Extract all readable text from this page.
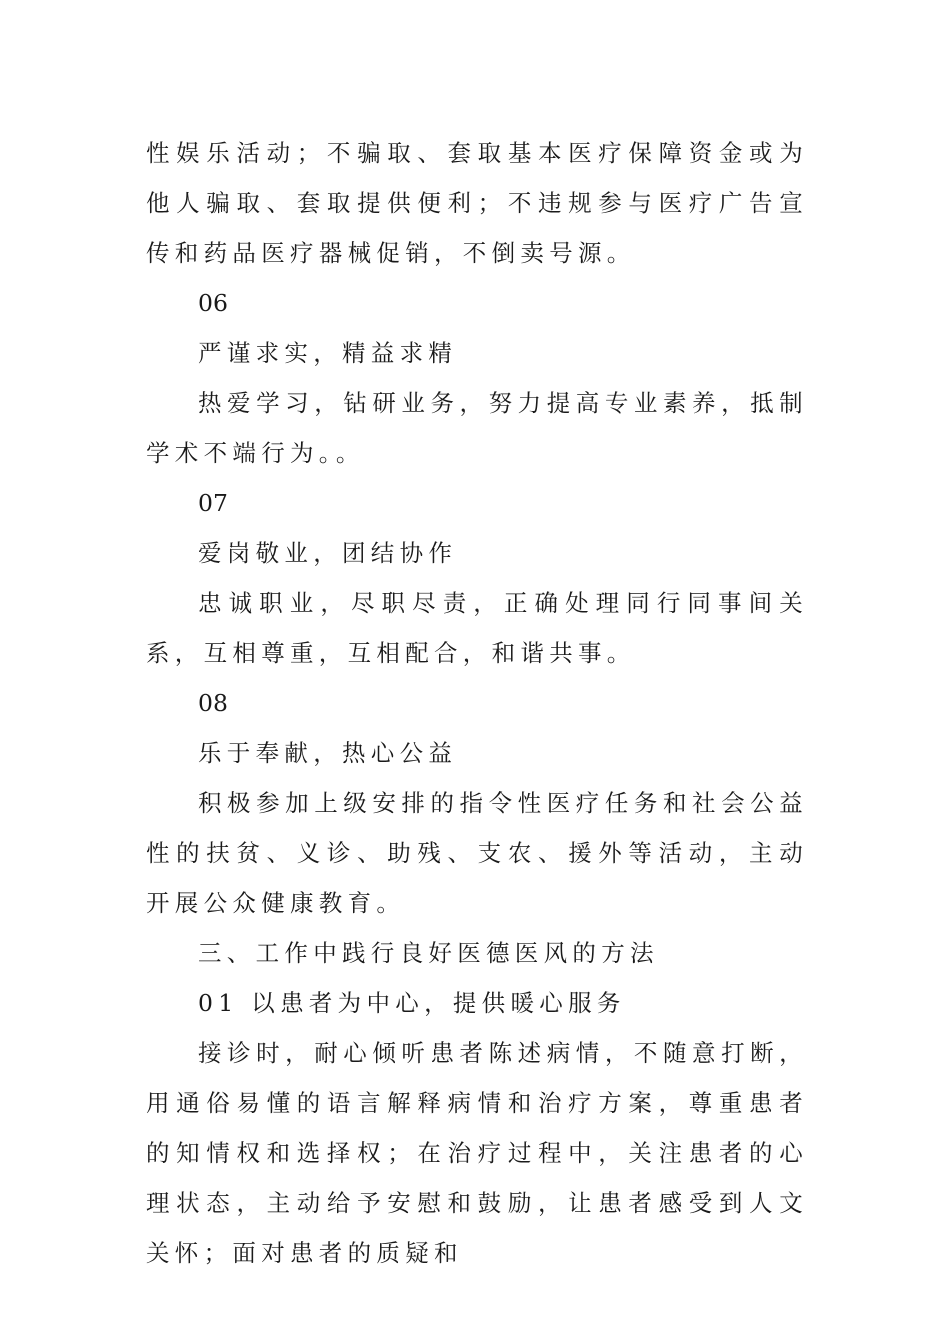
性娱乐活动；不骗取、套取基本医疗保障资金或为他人骗取、套取提供便利；不违规参与医疗广告宣传和药品医疗器械促销，不倒卖号源。

06

严谨求实，精益求精

热爱学习，钻研业务，努力提高专业素养，抵制学术不端行为。。

07

爱岗敬业，团结协作

忠诚职业，尽职尽责，正确处理同行同事间关系，互相尊重，互相配合，和谐共事。

08

乐于奉献，热心公益

积极参加上级安排的指令性医疗任务和社会公益性的扶贫、义诊、助残、支农、援外等活动，主动开展公众健康教育。

三、工作中践行良好医德医风的方法

01 以患者为中心，提供暖心服务

接诊时，耐心倾听患者陈述病情，不随意打断，用通俗易懂的语言解释病情和治疗方案，尊重患者的知情权和选择权；在治疗过程中，关注患者的心理状态，主动给予安慰和鼓励，让患者感受到人文关怀；面对患者的质疑和
